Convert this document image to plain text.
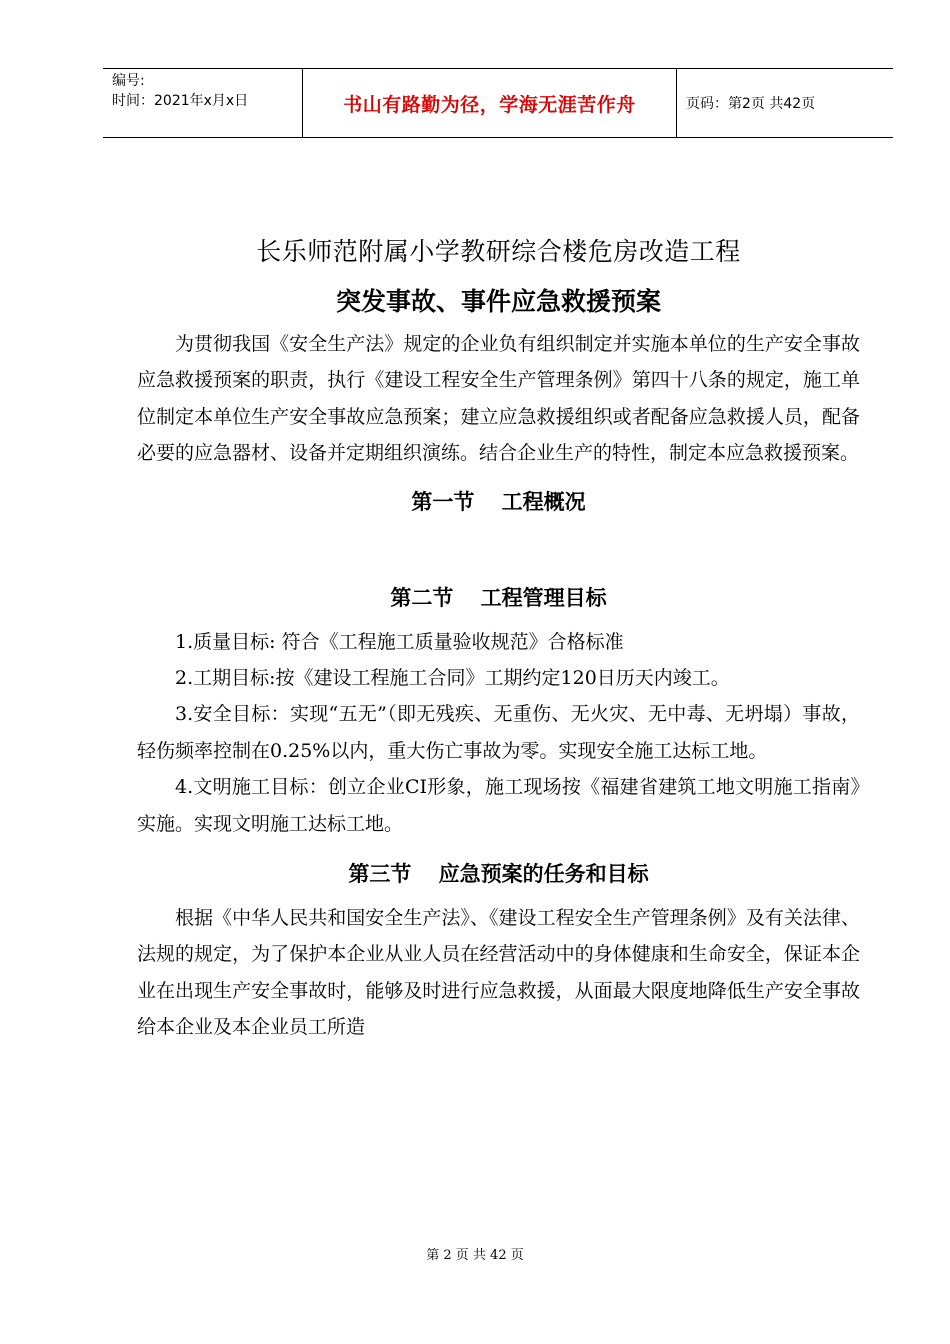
编号:
时间：2021年x月x日	书山有路勤为径，学海无涯苦作舟	页码：第2页 共42页

长乐师范附属小学教研综合楼危房改造工程

突发事故、事件应急救援预案

为贯彻我国《安全生产法》规定的企业负有组织制定并实施本单位的生产安全事故应急救援预案的职责，执行《建设工程安全生产管理条例》第四十八条的规定，施工单位制定本单位生产安全事故应急预案；建立应急救援组织或者配备应急救援人员，配备必要的应急器材、设备并定期组织演练。结合企业生产的特性，制定本应急救援预案。

第一节 工程概况

第二节 工程管理目标

1.质量目标: 符合《工程施工质量验收规范》合格标准

2.工期目标:按《建设工程施工合同》工期约定120日历天内竣工。

3.安全目标：实现“五无”（即无残疾、无重伤、无火灾、无中毒、无坍塌）事故，轻伤频率控制在0.25%以内，重大伤亡事故为零。实现安全施工达标工地。

4.文明施工目标：创立企业CI形象，施工现场按《福建省建筑工地文明施工指南》实施。实现文明施工达标工地。

第三节 应急预案的任务和目标

根据《中华人民共和国安全生产法》、《建设工程安全生产管理条例》及有关法律、法规的规定，为了保护本企业从业人员在经营活动中的身体健康和生命安全，保证本企业在出现生产安全事故时，能够及时进行应急救援，从面最大限度地降低生产安全事故给本企业及本企业员工所造

第 2 页 共 42 页
